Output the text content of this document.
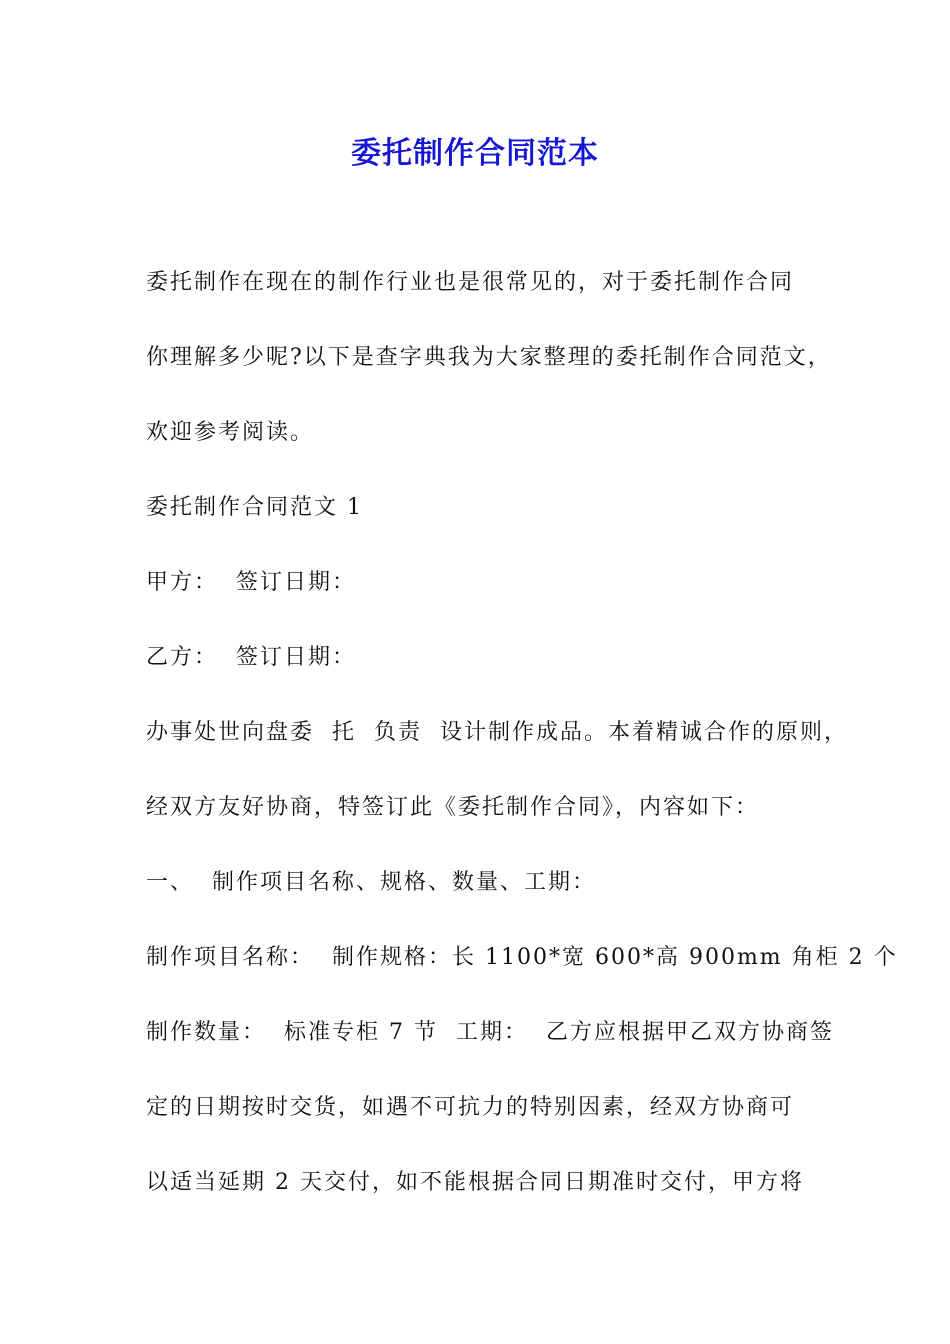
委托制作合同范本

委托制作在现在的制作行业也是很常见的，对于委托制作合同

你理解多少呢?以下是查字典我为大家整理的委托制作合同范文，

欢迎参考阅读。

委托制作合同范文 1

甲方：  签订日期：

乙方：  签订日期：

办事处世向盘委  托  负责  设计制作成品。本着精诚合作的原则，

经双方友好协商，特签订此《委托制作合同》，内容如下：

一、  制作项目名称、规格、数量、工期：

制作项目名称：  制作规格：长 1100*宽 600*高 900mm 角柜 2 个

制作数量：  标准专柜 7 节  工期：  乙方应根据甲乙双方协商签

定的日期按时交货，如遇不可抗力的特别因素，经双方协商可

以适当延期 2 天交付，如不能根据合同日期准时交付，甲方将
